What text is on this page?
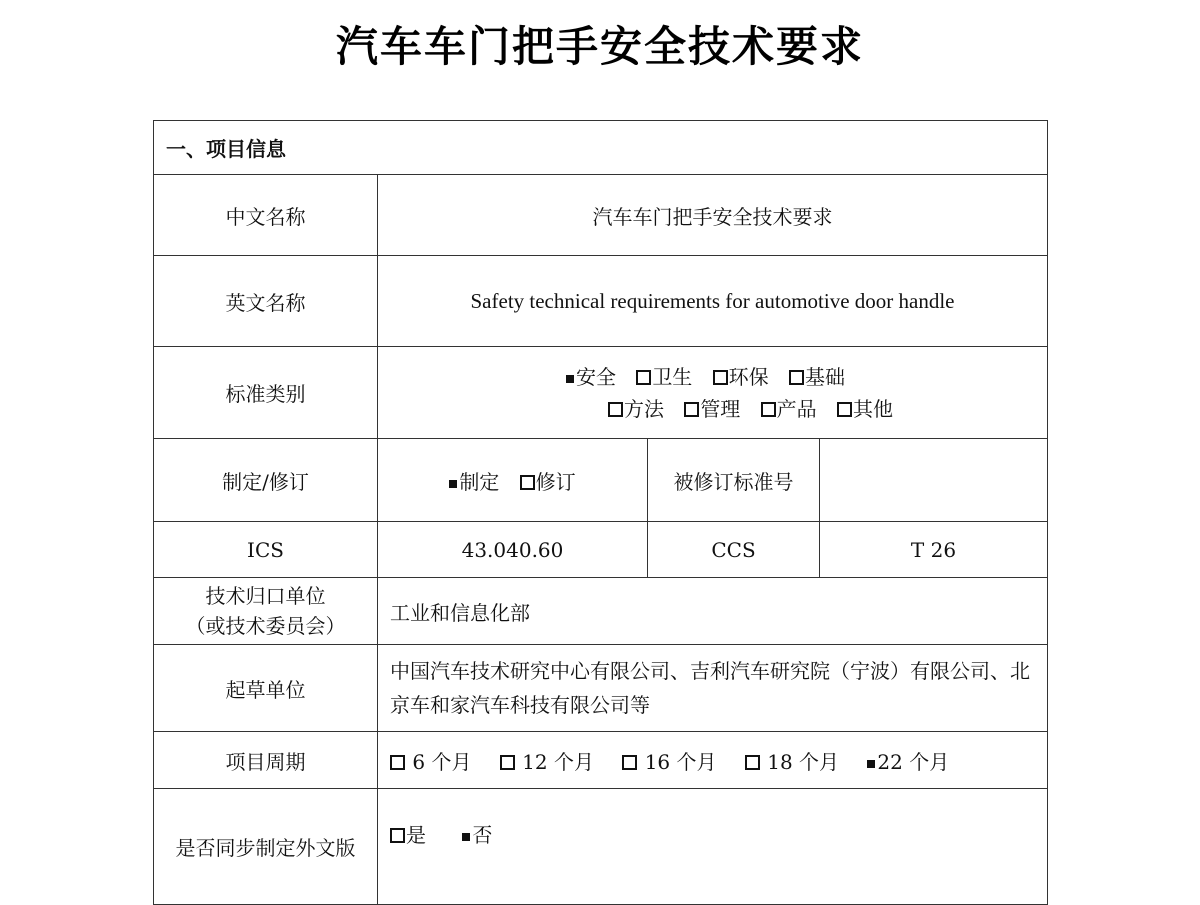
汽车车门把手安全技术要求
一、项目信息			
中文名称	汽车车门把手安全技术要求		
英文名称	Safety technical requirements for automotive door handle		
标准类别	安全 卫生 环保 基础
方法 管理 产品 其他		

制定/修订	制定 修订	被修订标准号	
ICS	43.040.60	CCS	T 26

技术归口单位
（或技术委员会）	工业和信息化部		
起草单位	中国汽车技术研究中心有限公司、吉利汽车研究院（宁波）有限公司、北京车和家汽车科技有限公司等		
项目周期	6 个月 12 个月 16 个月 18 个月 22 个月		
是否同步制定外文版	是 否		
